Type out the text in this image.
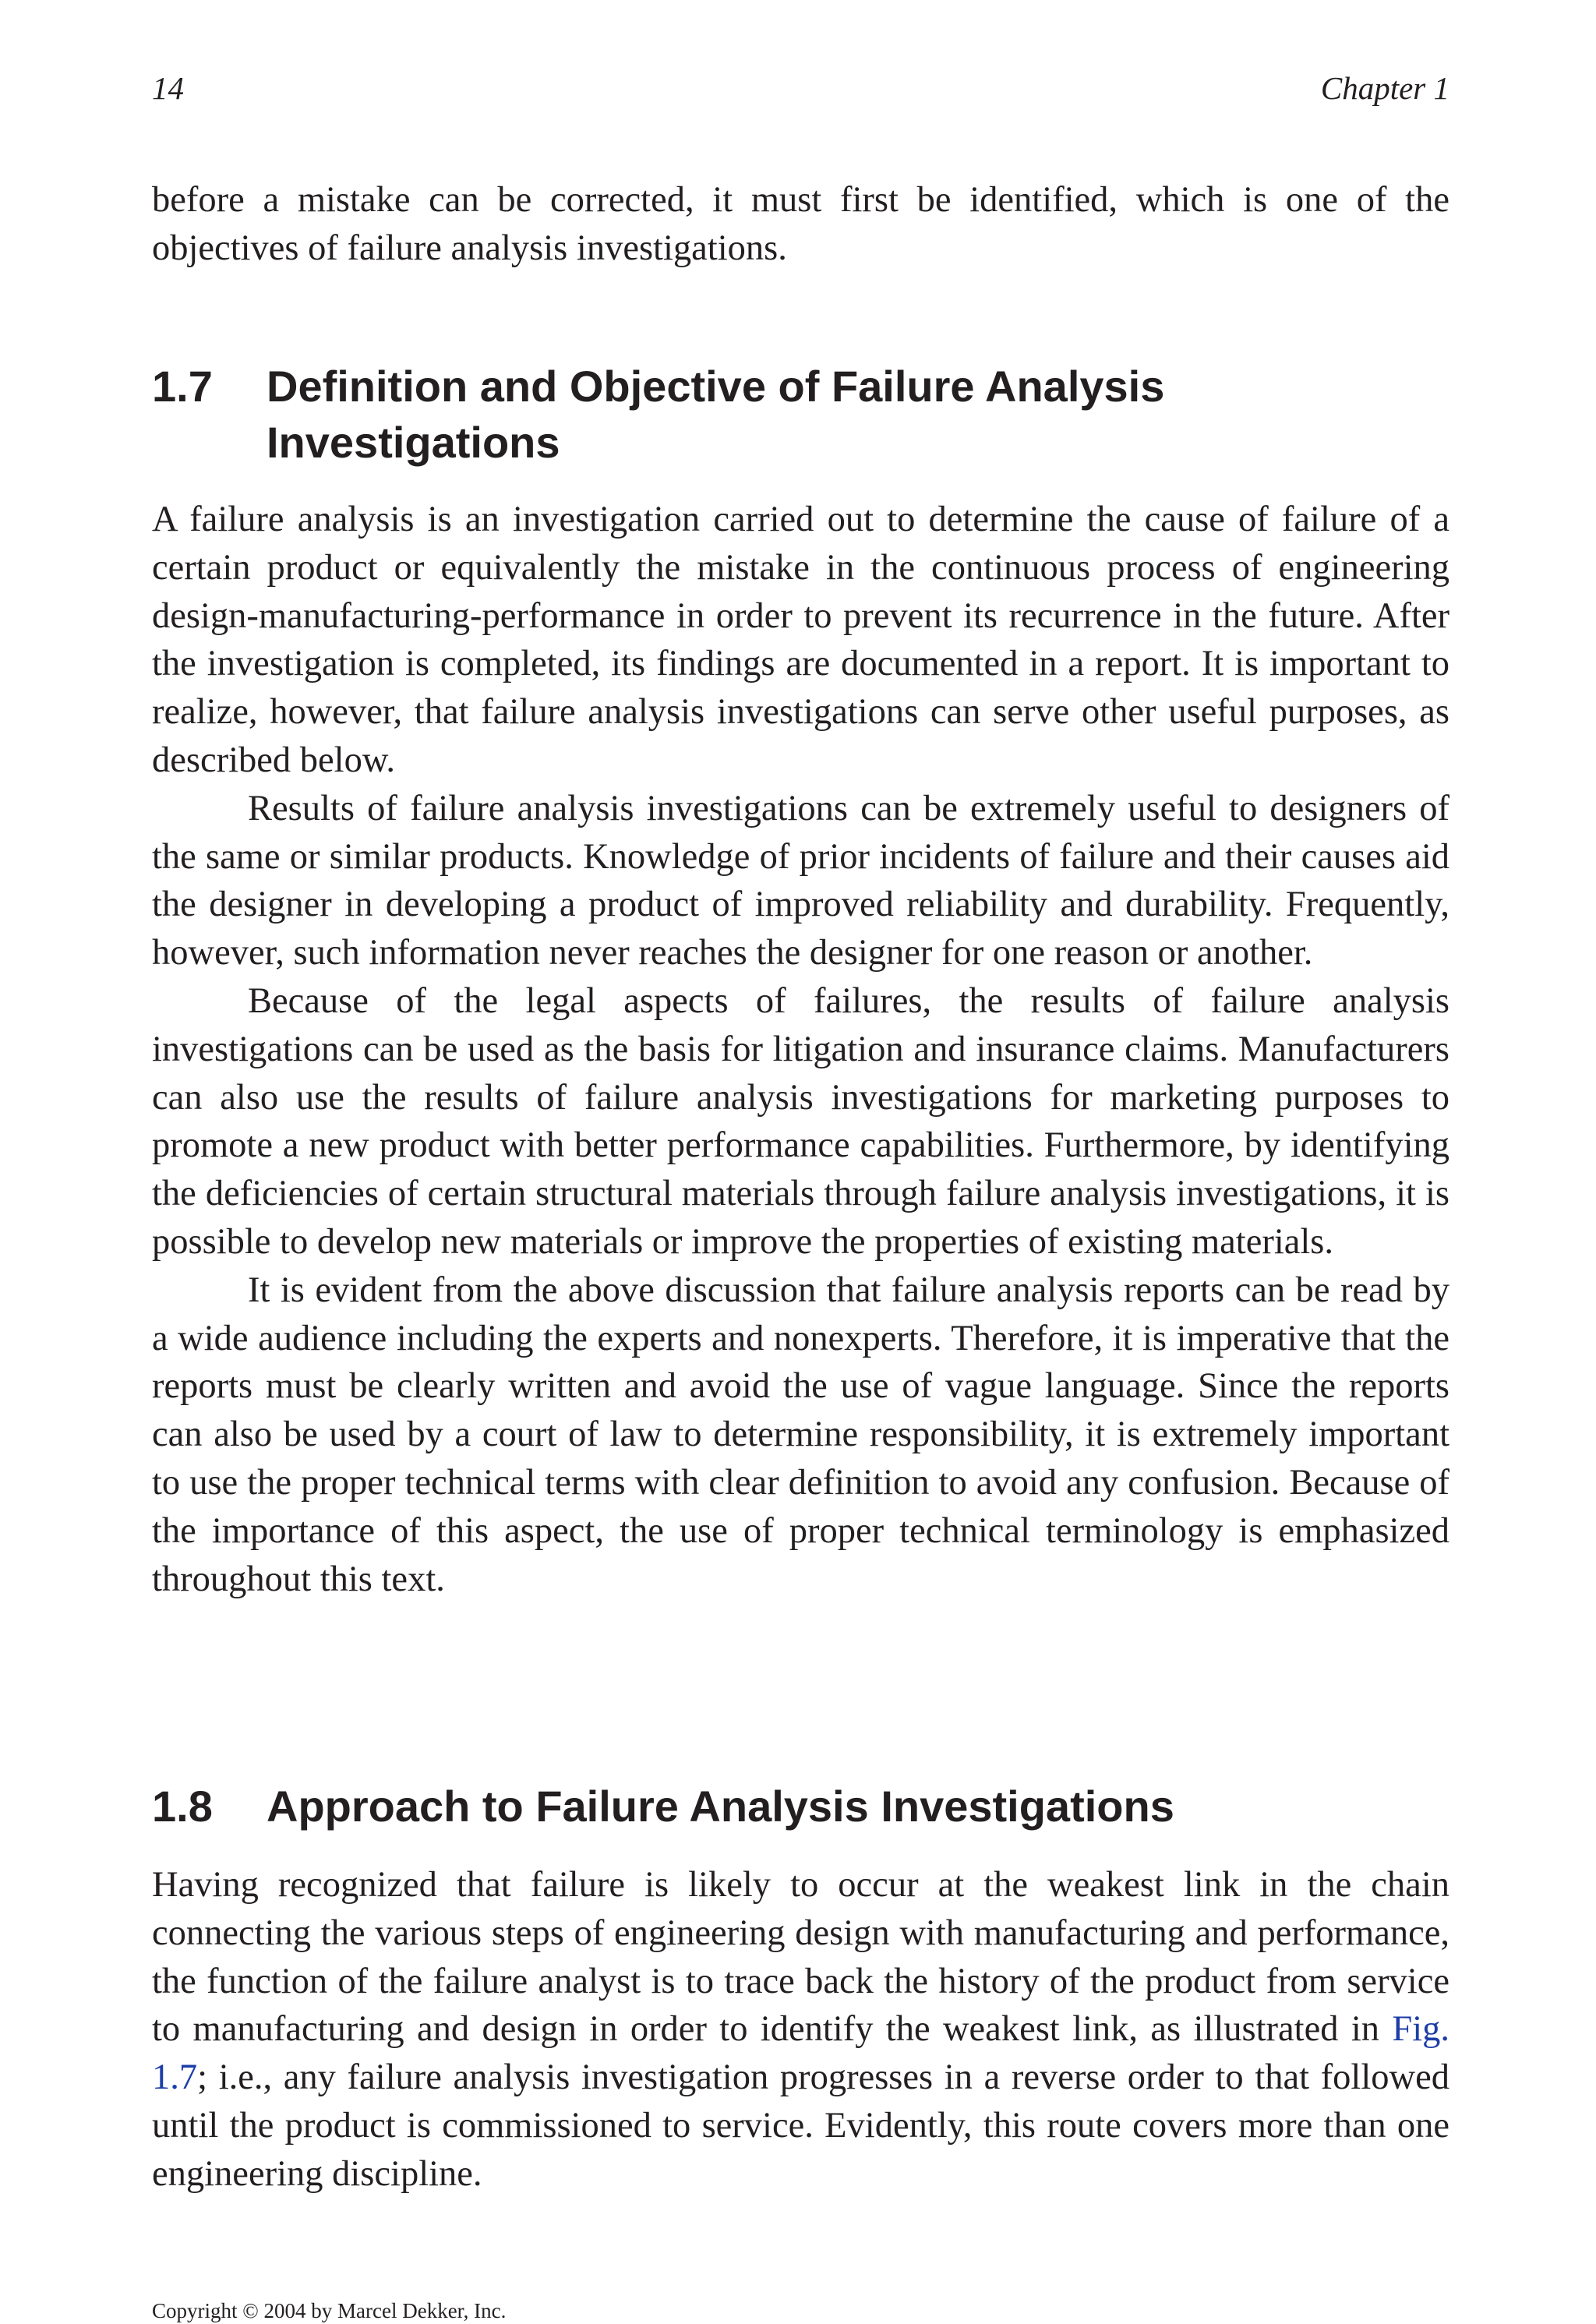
14	Chapter 1

before a mistake can be corrected, it must first be identified, which is one of the objectives of failure analysis investigations.

1.7 Definition and Objective of Failure Analysis Investigations

A failure analysis is an investigation carried out to determine the cause of failure of a certain product or equivalently the mistake in the continuous process of engineering design-manufacturing-performance in order to prevent its recurrence in the future. After the investigation is completed, its findings are documented in a report. It is important to realize, however, that failure analysis investigations can serve other useful purposes, as described below.

Results of failure analysis investigations can be extremely useful to designers of the same or similar products. Knowledge of prior incidents of failure and their causes aid the designer in developing a product of improved reliability and durability. Frequently, however, such information never reaches the designer for one reason or another.

Because of the legal aspects of failures, the results of failure analysis investigations can be used as the basis for litigation and insurance claims. Manufacturers can also use the results of failure analysis investigations for marketing purposes to promote a new product with better performance capabilities. Furthermore, by identifying the deficiencies of certain structural materials through failure analysis investigations, it is possible to develop new materials or improve the properties of existing materials.

It is evident from the above discussion that failure analysis reports can be read by a wide audience including the experts and nonexperts. Therefore, it is imperative that the reports must be clearly written and avoid the use of vague language. Since the reports can also be used by a court of law to determine responsibility, it is extremely important to use the proper technical terms with clear definition to avoid any confusion. Because of the importance of this aspect, the use of proper technical terminology is emphasized throughout this text.

1.8 Approach to Failure Analysis Investigations

Having recognized that failure is likely to occur at the weakest link in the chain connecting the various steps of engineering design with manufacturing and performance, the function of the failure analyst is to trace back the history of the product from service to manufacturing and design in order to identify the weakest link, as illustrated in Fig. 1.7; i.e., any failure analysis investigation progresses in a reverse order to that followed until the product is commissioned to service. Evidently, this route covers more than one engineering discipline.

Copyright © 2004 by Marcel Dekker, Inc.
